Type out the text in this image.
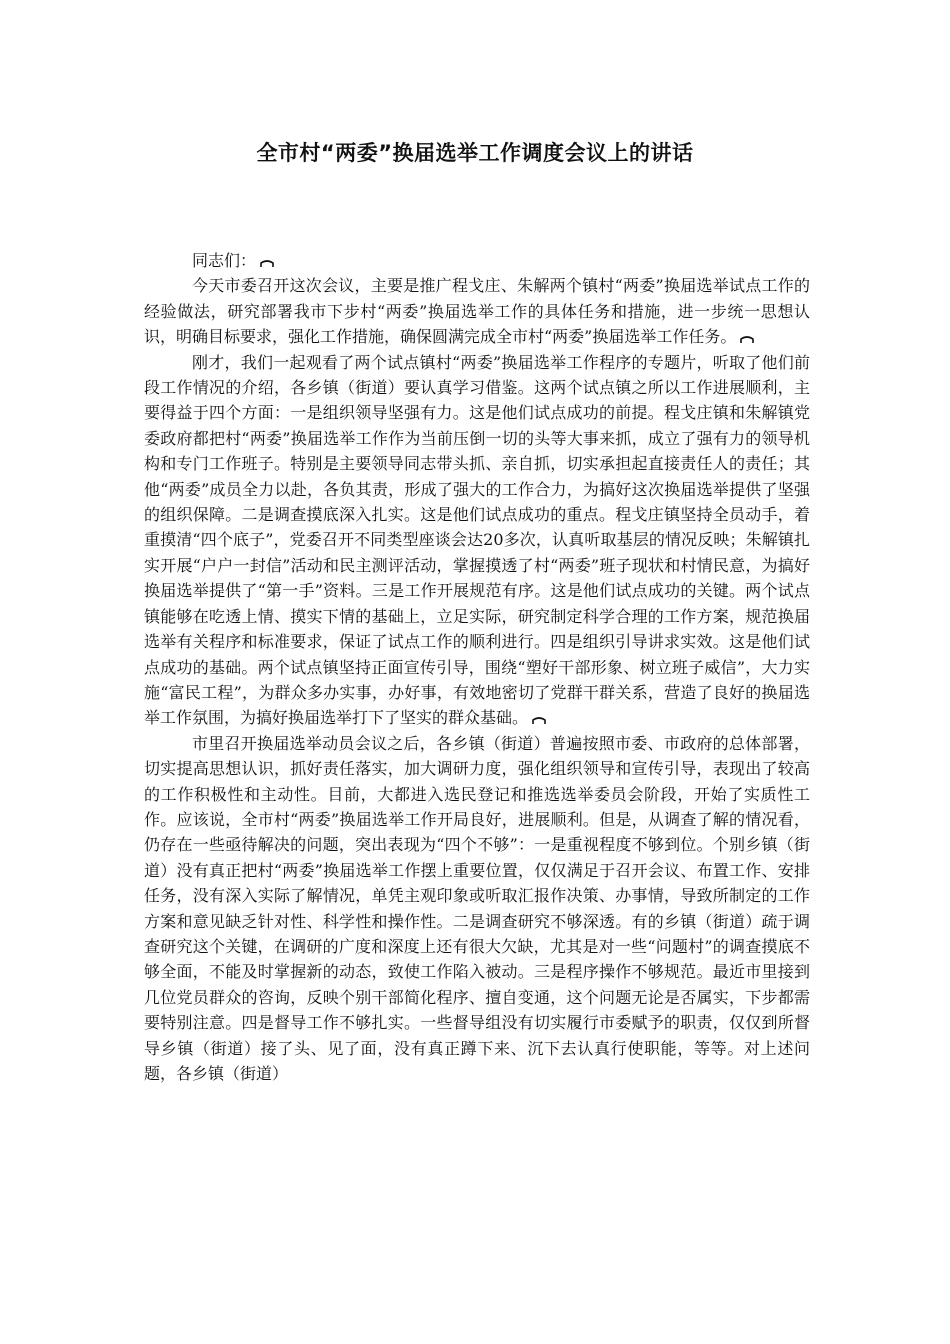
全市村“两委”换届选举工作调度会议上的讲话

同志们：

今天市委召开这次会议，主要是推广程戈庄、朱解两个镇村“两委”换届选举试点工作的经验做法，研究部署我市下步村“两委”换届选举工作的具体任务和措施，进一步统一思想认识，明确目标要求，强化工作措施，确保圆满完成全市村“两委”换届选举工作任务。

刚才，我们一起观看了两个试点镇村“两委”换届选举工作程序的专题片，听取了他们前段工作情况的介绍，各乡镇（街道）要认真学习借鉴。这两个试点镇之所以工作进展顺利，主要得益于四个方面：一是组织领导坚强有力。这是他们试点成功的前提。程戈庄镇和朱解镇党委政府都把村“两委”换届选举工作作为当前压倒一切的头等大事来抓，成立了强有力的领导机构和专门工作班子。特别是主要领导同志带头抓、亲自抓，切实承担起直接责任人的责任；其他“两委”成员全力以赴，各负其责，形成了强大的工作合力，为搞好这次换届选举提供了坚强的组织保障。二是调查摸底深入扎实。这是他们试点成功的重点。程戈庄镇坚持全员动手，着重摸清“四个底子”，党委召开不同类型座谈会达20多次，认真听取基层的情况反映；朱解镇扎实开展“户户一封信”活动和民主测评活动，掌握摸透了村“两委”班子现状和村情民意，为搞好换届选举提供了“第一手”资料。三是工作开展规范有序。这是他们试点成功的关键。两个试点镇能够在吃透上情、摸实下情的基础上，立足实际，研究制定科学合理的工作方案，规范换届选举有关程序和标准要求，保证了试点工作的顺利进行。四是组织引导讲求实效。这是他们试点成功的基础。两个试点镇坚持正面宣传引导，围绕“塑好干部形象、树立班子威信”，大力实施“富民工程”，为群众多办实事，办好事，有效地密切了党群干群关系，营造了良好的换届选举工作氛围，为搞好换届选举打下了坚实的群众基础。

市里召开换届选举动员会议之后，各乡镇（街道）普遍按照市委、市政府的总体部署，切实提高思想认识，抓好责任落实，加大调研力度，强化组织领导和宣传引导，表现出了较高的工作积极性和主动性。目前，大都进入选民登记和推选选举委员会阶段，开始了实质性工作。应该说，全市村“两委”换届选举工作开局良好，进展顺利。但是，从调查了解的情况看，仍存在一些亟待解决的问题，突出表现为“四个不够”：一是重视程度不够到位。个别乡镇（街道）没有真正把村“两委”换届选举工作摆上重要位置，仅仅满足于召开会议、布置工作、安排任务，没有深入实际了解情况，单凭主观印象或听取汇报作决策、办事情，导致所制定的工作方案和意见缺乏针对性、科学性和操作性。二是调查研究不够深透。有的乡镇（街道）疏于调查研究这个关键，在调研的广度和深度上还有很大欠缺，尤其是对一些“问题村”的调查摸底不够全面，不能及时掌握新的动态，致使工作陷入被动。三是程序操作不够规范。最近市里接到几位党员群众的咨询，反映个别干部简化程序、擅自变通，这个问题无论是否属实，下步都需要特别注意。四是督导工作不够扎实。一些督导组没有切实履行市委赋予的职责，仅仅到所督导乡镇（街道）接了头、见了面，没有真正蹲下来、沉下去认真行使职能，等等。对上述问题，各乡镇（街道）
